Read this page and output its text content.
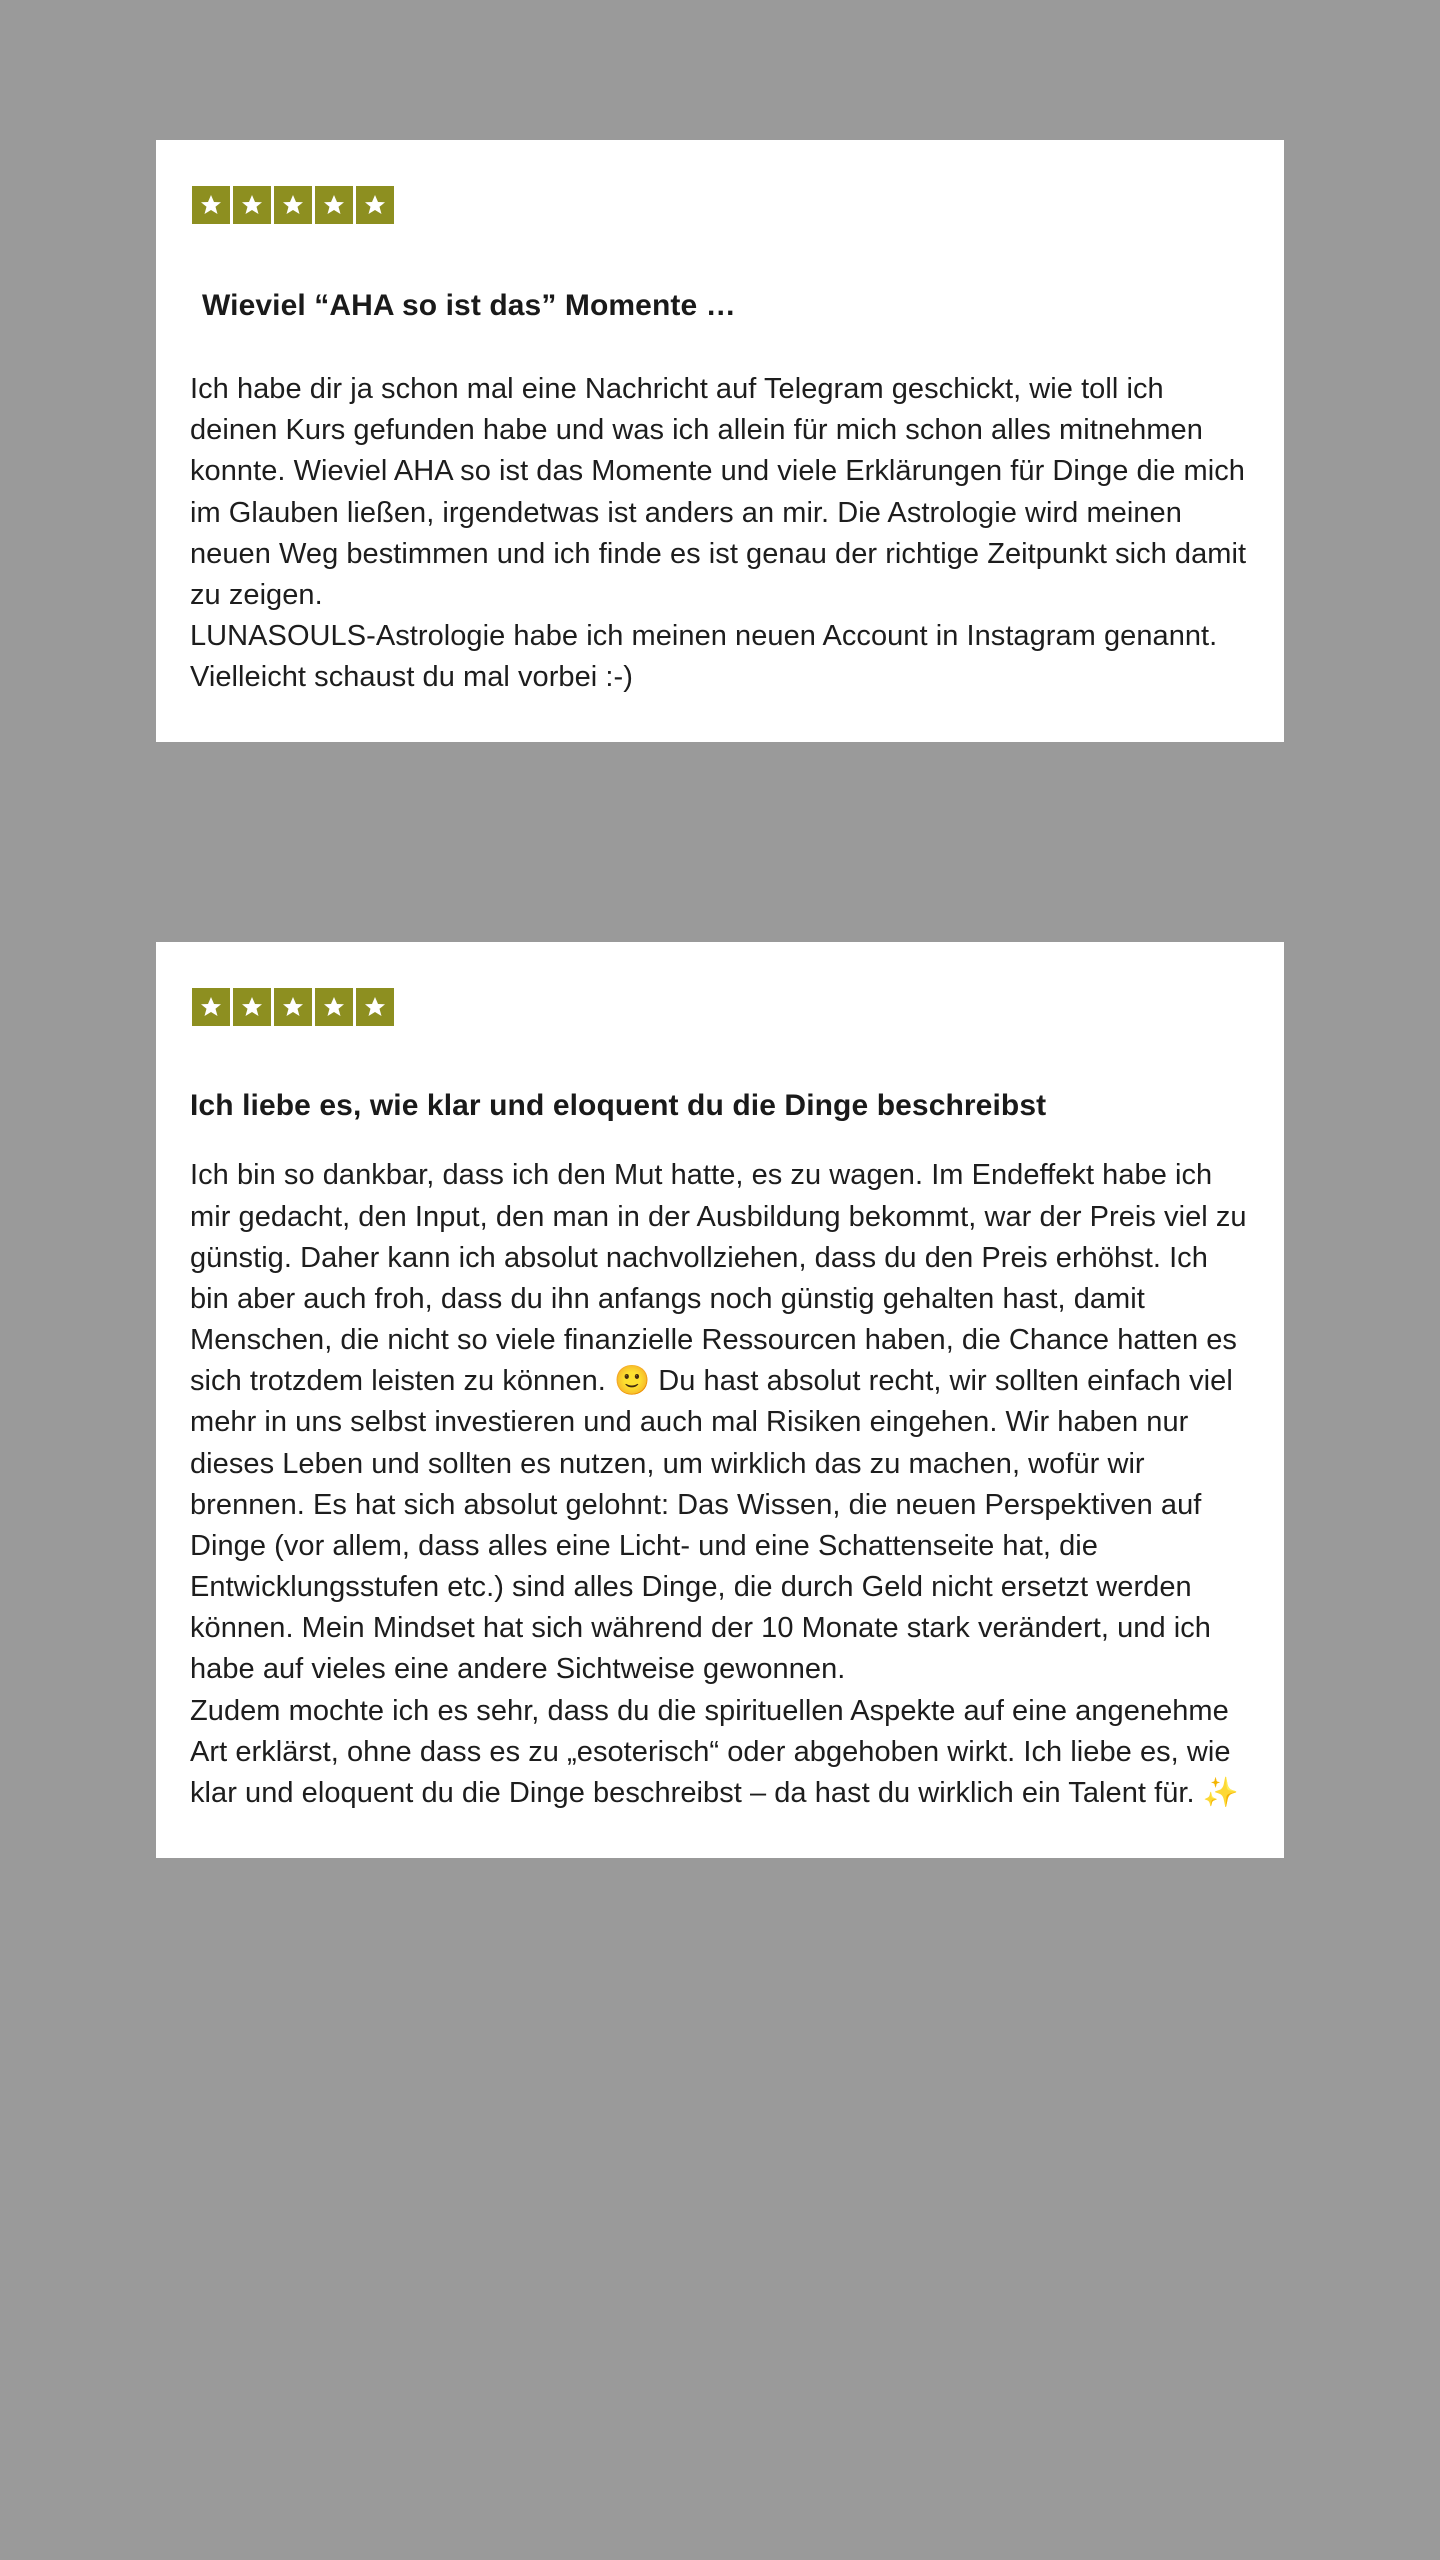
Wieviel “AHA so ist das” Momente …

Ich habe dir ja schon mal eine Nachricht auf Telegram geschickt, wie toll ich deinen Kurs gefunden habe und was ich allein für mich schon alles mitnehmen konnte. Wieviel AHA so ist das Momente und viele Erklärungen für Dinge die mich im Glauben ließen, irgendetwas ist anders an mir. Die Astrologie wird meinen neuen Weg bestimmen und ich finde es ist genau der richtige Zeitpunkt sich damit zu zeigen.

LUNASOULS-Astrologie habe ich meinen neuen Account in Instagram genannt. Vielleicht schaust du mal vorbei :-)

Ich liebe es, wie klar und eloquent du die Dinge beschreibst

Ich bin so dankbar, dass ich den Mut hatte, es zu wagen. Im Endeffekt habe ich mir gedacht, den Input, den man in der Ausbildung bekommt, war der Preis viel zu günstig. Daher kann ich absolut nachvollziehen, dass du den Preis erhöhst. Ich bin aber auch froh, dass du ihn anfangs noch günstig gehalten hast, damit Menschen, die nicht so viele finanzielle Ressourcen haben, die Chance hatten es sich trotzdem leisten zu können. 🙂 Du hast absolut recht, wir sollten einfach viel mehr in uns selbst investieren und auch mal Risiken eingehen. Wir haben nur dieses Leben und sollten es nutzen, um wirklich das zu machen, wofür wir brennen. Es hat sich absolut gelohnt: Das Wissen, die neuen Perspektiven auf Dinge (vor allem, dass alles eine Licht- und eine Schattenseite hat, die Entwicklungsstufen etc.) sind alles Dinge, die durch Geld nicht ersetzt werden können. Mein Mindset hat sich während der 10 Monate stark verändert, und ich habe auf vieles eine andere Sichtweise gewonnen.

Zudem mochte ich es sehr, dass du die spirituellen Aspekte auf eine angenehme Art erklärst, ohne dass es zu „esoterisch“ oder abgehoben wirkt. Ich liebe es, wie klar und eloquent du die Dinge beschreibst – da hast du wirklich ein Talent für. ✨
